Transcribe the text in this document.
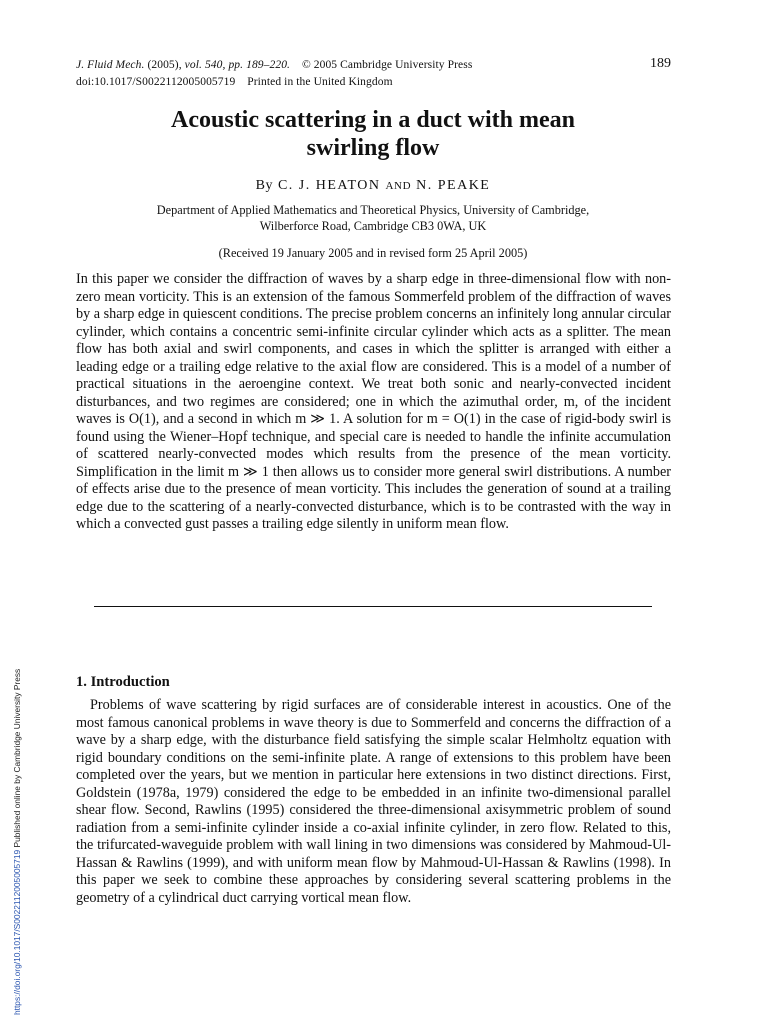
J. Fluid Mech. (2005), vol. 540, pp. 189–220. © 2005 Cambridge University Press
doi:10.1017/S0022112005005719 Printed in the United Kingdom
189
Acoustic scattering in a duct with mean
swirling flow
By C. J. HEATON AND N. PEAKE
Department of Applied Mathematics and Theoretical Physics, University of Cambridge,
Wilberforce Road, Cambridge CB3 0WA, UK
(Received 19 January 2005 and in revised form 25 April 2005)
In this paper we consider the diffraction of waves by a sharp edge in three-dimensional flow with non-zero mean vorticity. This is an extension of the famous Sommerfeld problem of the diffraction of waves by a sharp edge in quiescent conditions. The precise problem concerns an infinitely long annular circular cylinder, which contains a concentric semi-infinite circular cylinder which acts as a splitter. The mean flow has both axial and swirl components, and cases in which the splitter is arranged with either a leading edge or a trailing edge relative to the axial flow are considered. This is a model of a number of practical situations in the aeroengine context. We treat both sonic and nearly-convected incident disturbances, and two regimes are considered; one in which the azimuthal order, m, of the incident waves is O(1), and a second in which m ≫ 1. A solution for m = O(1) in the case of rigid-body swirl is found using the Wiener–Hopf technique, and special care is needed to handle the infinite accumulation of scattered nearly-convected modes which results from the presence of the mean vorticity. Simplification in the limit m ≫ 1 then allows us to consider more general swirl distributions. A number of effects arise due to the presence of mean vorticity. This includes the generation of sound at a trailing edge due to the scattering of a nearly-convected disturbance, which is to be contrasted with the way in which a convected gust passes a trailing edge silently in uniform mean flow.
1. Introduction

Problems of wave scattering by rigid surfaces are of considerable interest in acoustics. One of the most famous canonical problems in wave theory is due to Sommerfeld and concerns the diffraction of a wave by a sharp edge, with the disturbance field satisfying the simple scalar Helmholtz equation with rigid boundary conditions on the semi-infinite plate. A range of extensions to this problem have been completed over the years, but we mention in particular here extensions in two distinct directions. First, Goldstein (1978a, 1979) considered the edge to be embedded in an infinite two-dimensional parallel shear flow. Second, Rawlins (1995) considered the three-dimensional axisymmetric problem of sound radiation from a semi-infinite cylinder inside a co-axial infinite cylinder, in zero flow. Related to this, the trifurcated-waveguide problem with wall lining in two dimensions was considered by Mahmoud-Ul-Hassan & Rawlins (1999), and with uniform mean flow by Mahmoud-Ul-Hassan & Rawlins (1998). In this paper we seek to combine these approaches by considering several scattering problems in the geometry of a cylindrical duct carrying vortical mean flow.

https://doi.org/10.1017/S0022112005005719 Published online by Cambridge University Press
